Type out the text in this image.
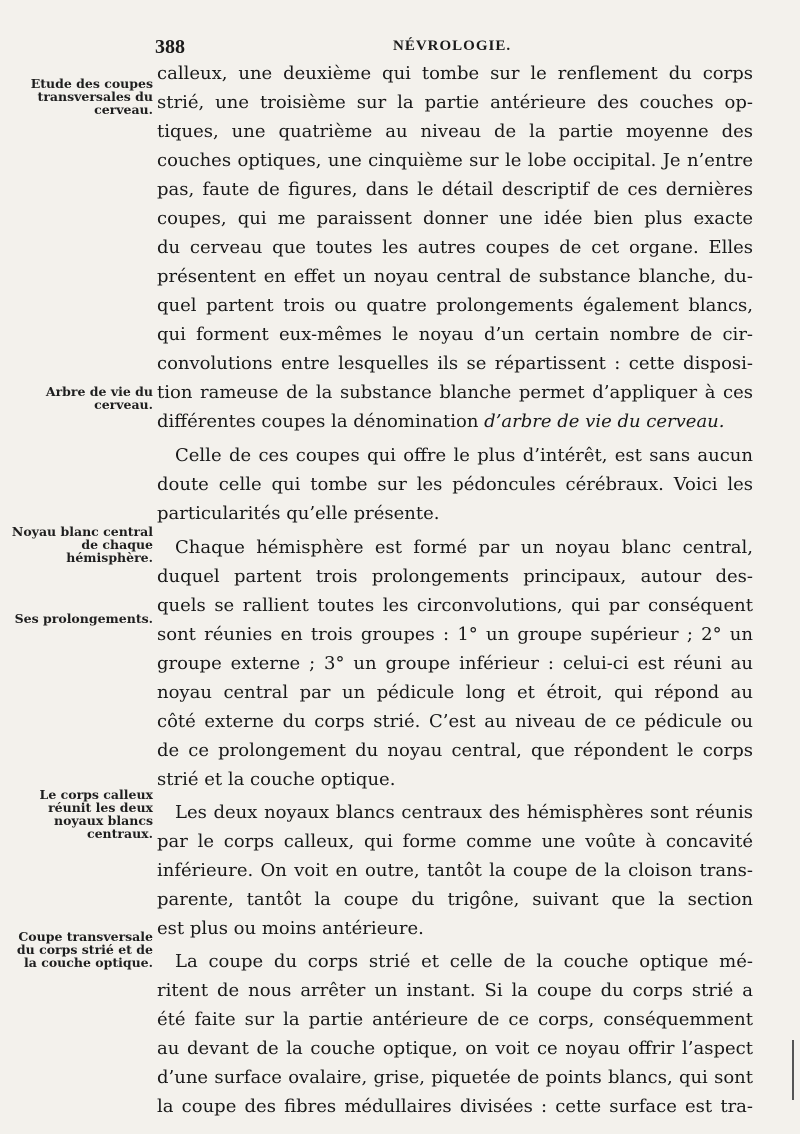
388	NÉVROLOGIE.
Etude des coupes transversales du cerveau.
Arbre de vie du cerveau.
Noyau blanc central de chaque hémisphère.
Ses prolongements.
Le corps calleux réunit les deux noyaux blancs centraux.
Coupe transversale du corps strié et de la couche optique.
calleux, une deuxième qui tombe sur le renflement du corps
strié, une troisième sur la partie antérieure des couches op-
tiques, une quatrième au niveau de la partie moyenne des
couches optiques, une cinquième sur le lobe occipital. Je n’entre
pas, faute de figures, dans le détail descriptif de ces dernières
coupes, qui me paraissent donner une idée bien plus exacte
du cerveau que toutes les autres coupes de cet organe. Elles
présentent en effet un noyau central de substance blanche, du-
quel partent trois ou quatre prolongements également blancs,
qui forment eux-mêmes le noyau d’un certain nombre de cir-
convolutions entre lesquelles ils se répartissent : cette disposi-
tion rameuse de la substance blanche permet d’appliquer à ces
différentes coupes la dénomination d’arbre de vie du cerveau.
Celle de ces coupes qui offre le plus d’intérêt, est sans aucun
doute celle qui tombe sur les pédoncules cérébraux. Voici les
particularités qu’elle présente.
Chaque hémisphère est formé par un noyau blanc central,
duquel partent trois prolongements principaux, autour des-
quels se rallient toutes les circonvolutions, qui par conséquent
sont réunies en trois groupes : 1° un groupe supérieur ; 2° un
groupe externe ; 3° un groupe inférieur : celui-ci est réuni au
noyau central par un pédicule long et étroit, qui répond au
côté externe du corps strié. C’est au niveau de ce pédicule ou
de ce prolongement du noyau central, que répondent le corps
strié et la couche optique.
Les deux noyaux blancs centraux des hémisphères sont réunis
par le corps calleux, qui forme comme une voûte à concavité
inférieure. On voit en outre, tantôt la coupe de la cloison trans-
parente, tantôt la coupe du trigône, suivant que la section
est plus ou moins antérieure.
La coupe du corps strié et celle de la couche optique mé-
ritent de nous arrêter un instant. Si la coupe du corps strié a
été faite sur la partie antérieure de ce corps, conséquemment
au devant de la couche optique, on voit ce noyau offrir l’aspect
d’une surface ovalaire, grise, piquetée de points blancs, qui sont
la coupe des fibres médullaires divisées : cette surface est tra-
